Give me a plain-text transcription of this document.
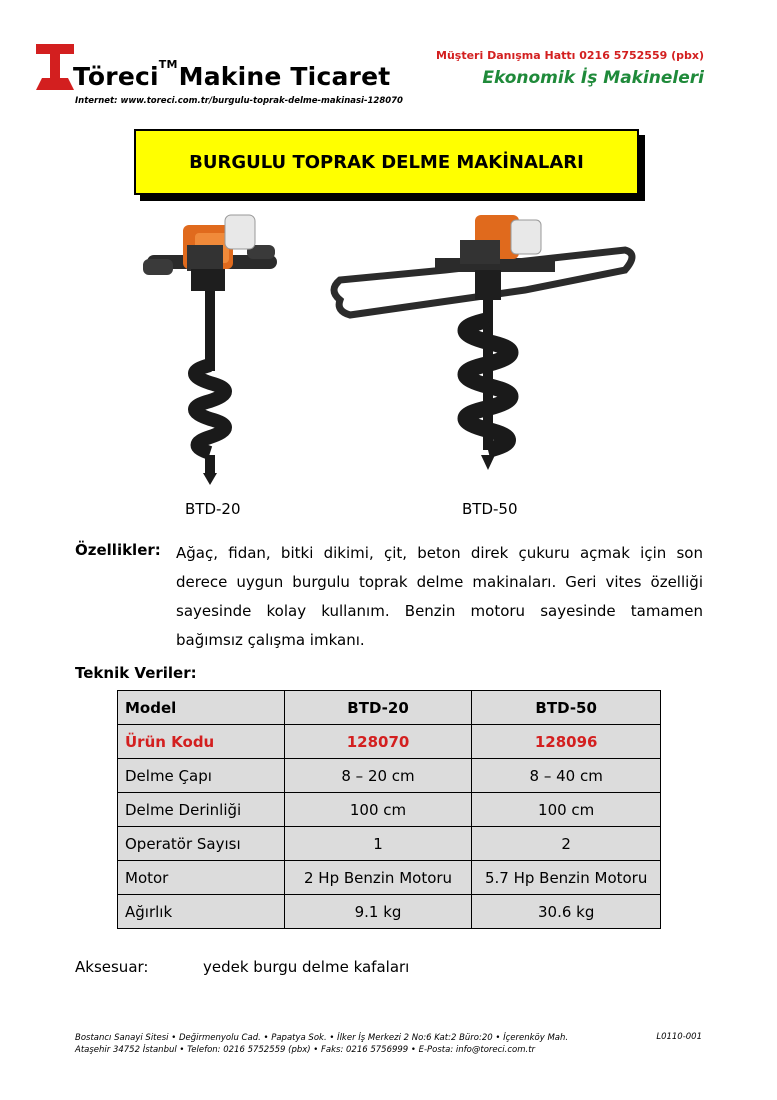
Töreci™Makine Ticaret
Internet: www.toreci.com.tr/burgulu-toprak-delme-makinasi-128070
Müşteri Danışma Hattı 0216 5752559 (pbx)
Ekonomik İş Makineleri
BURGULU TOPRAK DELME MAKİNALARI
BTD-20	BTD-50
Özellikler: Ağaç, fidan, bitki dikimi, çit, beton direk çukuru açmak için son derece uygun burgulu toprak delme makinaları. Geri vites özelliği sayesinde kolay kullanım. Benzin motoru sayesinde tamamen bağımsız çalışma imkanı.
Teknik Veriler:
Model	BTD-20	BTD-50
Ürün Kodu	128070	128096
Delme Çapı	8 – 20 cm	8 – 40 cm
Delme Derinliği	100 cm	100 cm
Operatör Sayısı	1	2
Motor	2 Hp Benzin Motoru	5.7 Hp Benzin Motoru
Ağırlık	9.1 kg	30.6 kg
Aksesuar:	yedek burgu delme kafaları
Bostancı Sanayi Sitesi • Değirmenyolu Cad. • Papatya Sok. • İlker İş Merkezi 2 No:6 Kat:2 Büro:20 • İçerenköy Mah.
Ataşehir 34752 İstanbul • Telefon: 0216 5752559 (pbx) • Faks: 0216 5756999 • E-Posta: info@toreci.com.tr
L0110-001
